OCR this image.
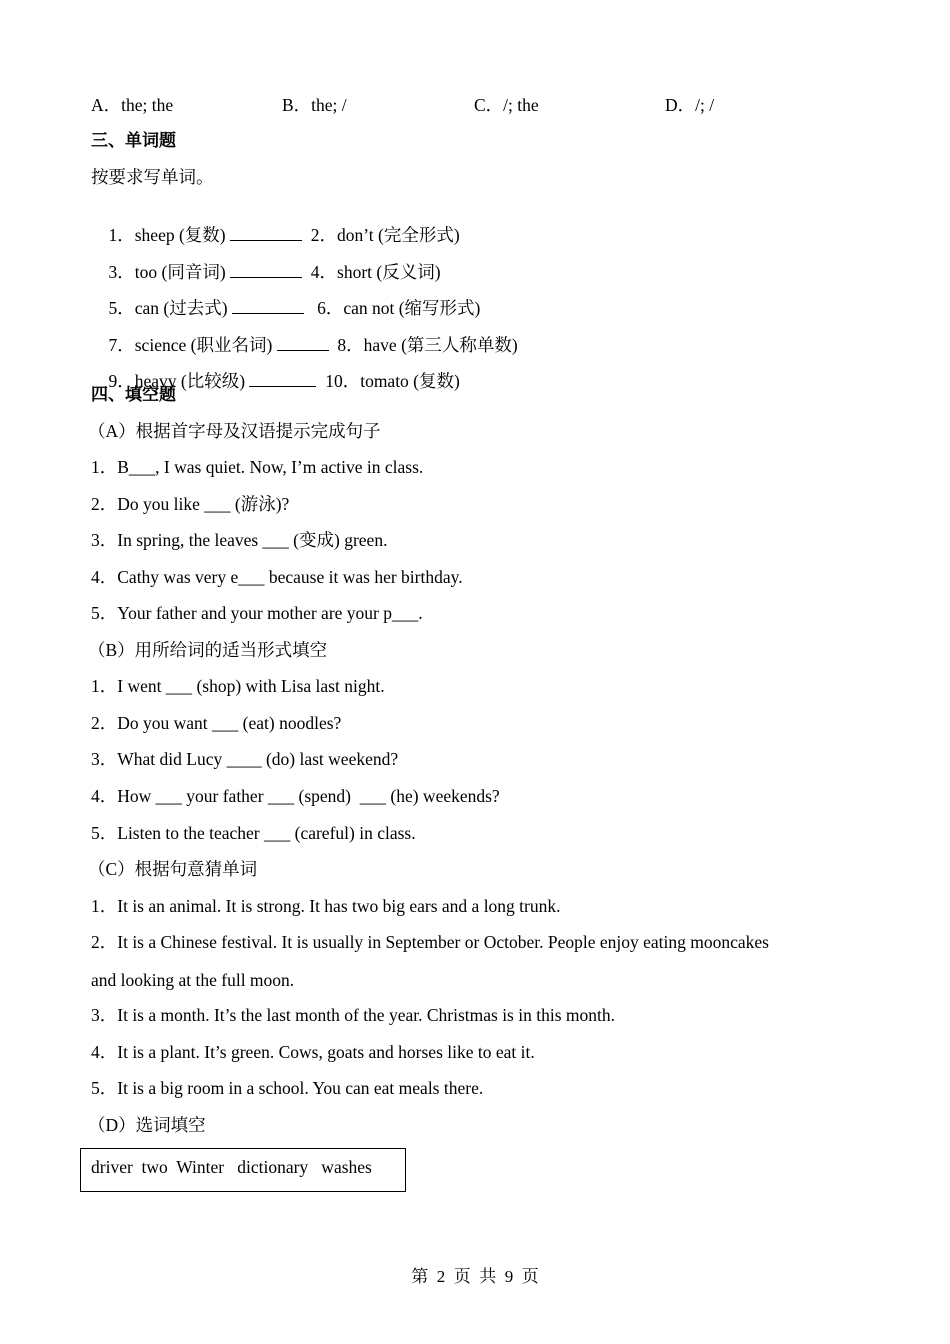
A．the; the	B．the; /	C．/; the	D．/; /
三、单词题
按要求写单词。

1．sheep (复数)	2．don’t (完全形式)

3．too (同音词)	4．short (反义词)

5．can (过去式)	6．can not (缩写形式)

7．science (职业名词)	8．have (第三人称单数)

9．heavy (比较级)	10．tomato (复数)

四、填空题
（A）根据首字母及汉语提示完成句子
1．B___, I was quiet. Now, I’m active in class.
2．Do you like ___ (游泳)?
3．In spring, the leaves ___ (变成) green.
4．Cathy was very e___ because it was her birthday.
5．Your father and your mother are your p___.
（B）用所给词的适当形式填空
1．I went ___ (shop) with Lisa last night.
2．Do you want ___ (eat) noodles?
3．What did Lucy ____ (do) last weekend?
4．How ___ your father ___ (spend)  ___ (he) weekends?
5．Listen to the teacher ___ (careful) in class.
（C）根据句意猜单词
1．It is an animal. It is strong. It has two big ears and a long trunk.
2．It is a Chinese festival. It is usually in September or October. People enjoy eating mooncakes
and looking at the full moon.
3．It is a month. It’s the last month of the year. Christmas is in this month.
4．It is a plant. It’s green. Cows, goats and horses like to eat it.
5．It is a big room in a school. You can eat meals there.
（D）选词填空
driver  two  Winter   dictionary   washes
第  2  页  共  9  页
